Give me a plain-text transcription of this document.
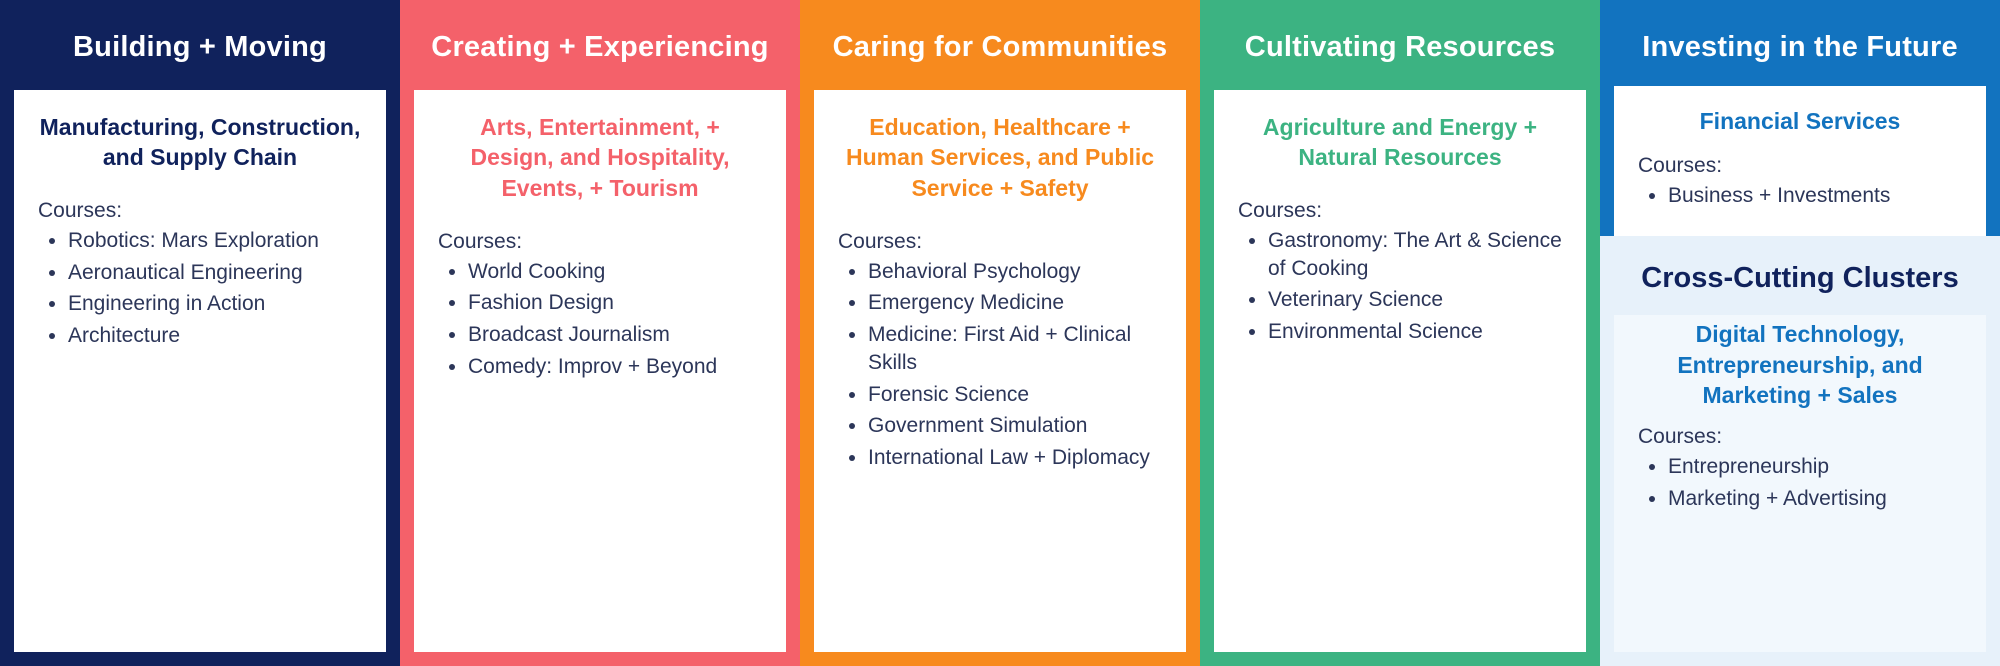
Building + Moving
Manufacturing, Construction, and Supply Chain
Courses:
• Robotics: Mars Exploration
• Aeronautical Engineering
• Engineering in Action
• Architecture
Creating + Experiencing
Arts, Entertainment, + Design, and Hospitality, Events, + Tourism
Courses:
• World Cooking
• Fashion Design
• Broadcast Journalism
• Comedy: Improv + Beyond
Caring for Communities
Education, Healthcare + Human Services, and Public Service + Safety
Courses:
• Behavioral Psychology
• Emergency Medicine
• Medicine: First Aid + Clinical Skills
• Forensic Science
• Government Simulation
• International Law + Diplomacy
Cultivating Resources
Agriculture and Energy + Natural Resources
Courses:
• Gastronomy: The Art & Science of Cooking
• Veterinary Science
• Environmental Science
Investing in the Future
Financial Services
Courses:
• Business + Investments
Cross-Cutting Clusters
Digital Technology, Entrepreneurship, and Marketing + Sales
Courses:
• Entrepreneurship
• Marketing + Advertising
